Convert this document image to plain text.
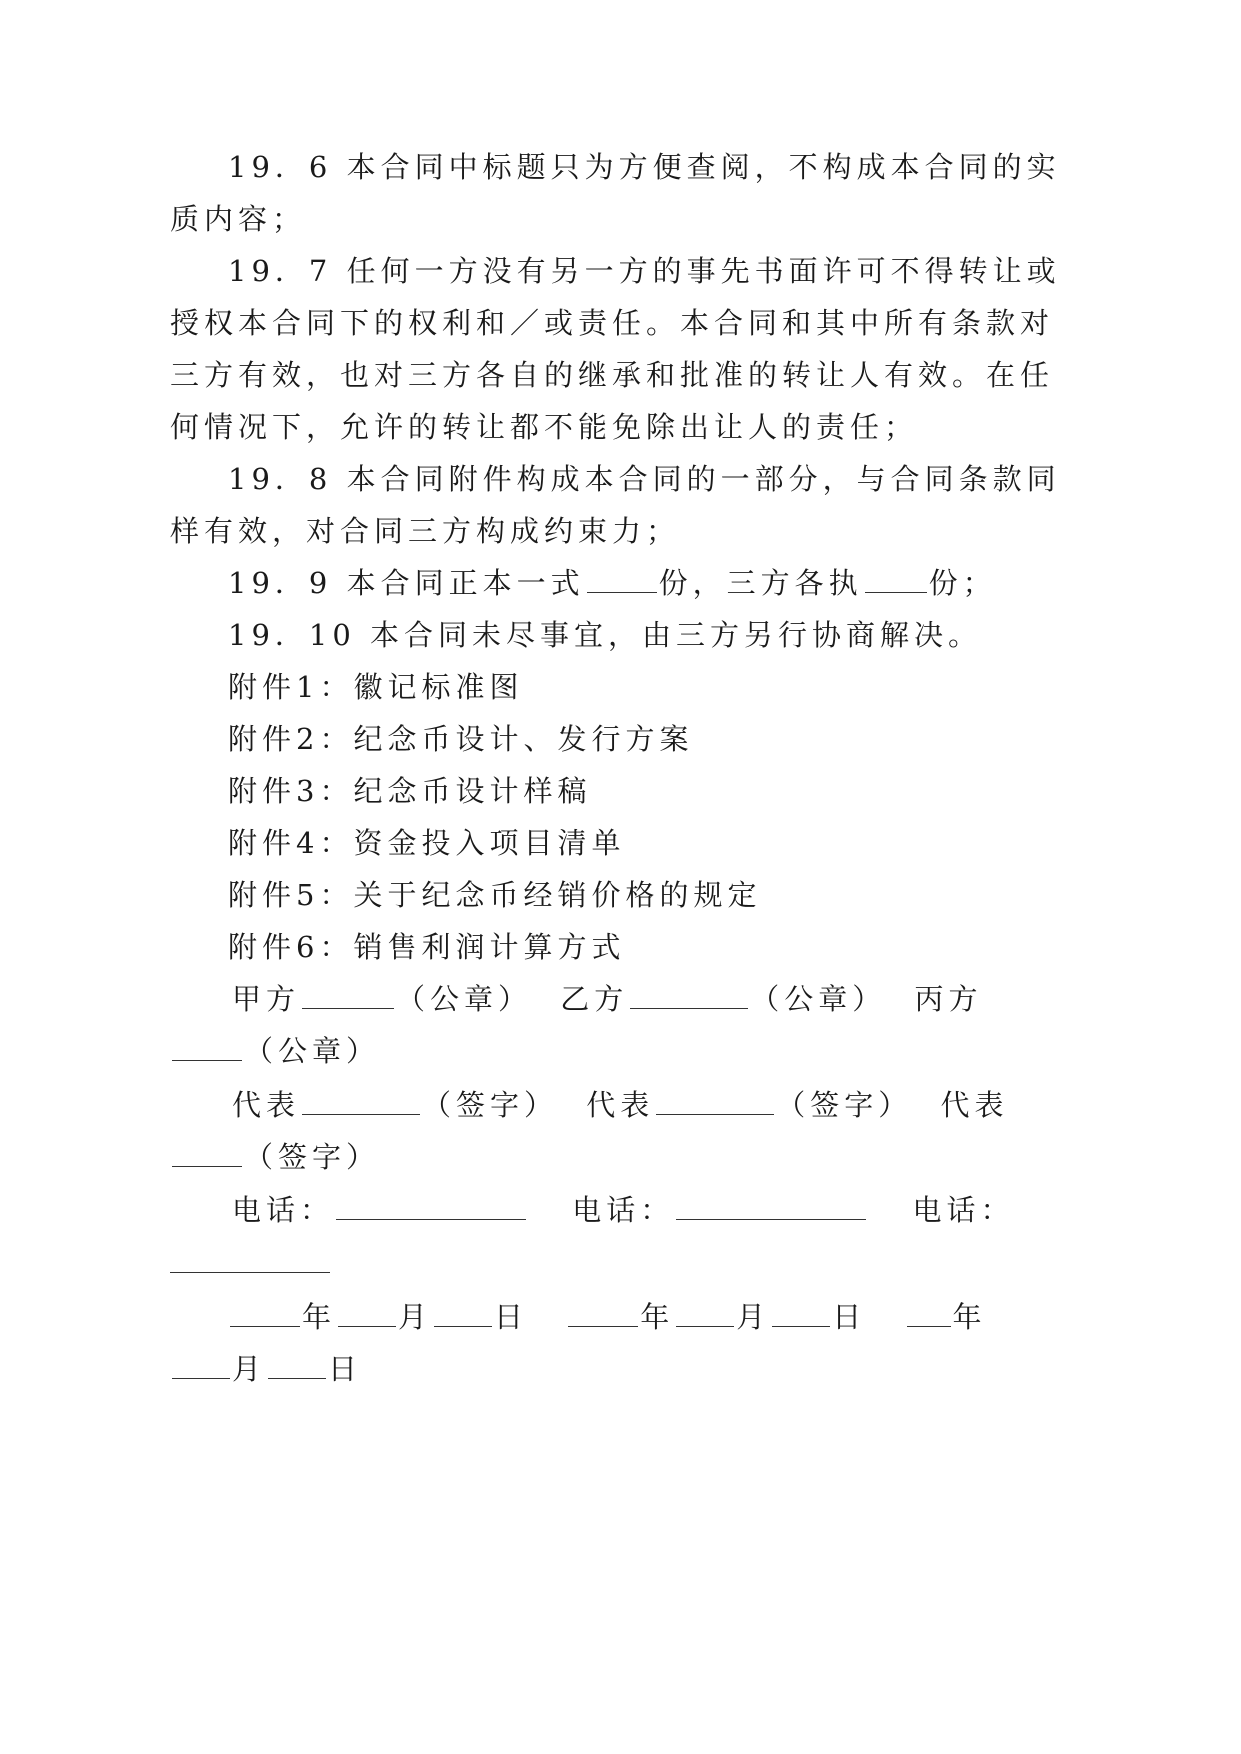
19．6 本合同中标题只为方便查阅，不构成本合同的实
质内容；
19．7 任何一方没有另一方的事先书面许可不得转让或
授权本合同下的权利和／或责任。本合同和其中所有条款对
三方有效，也对三方各自的继承和批准的转让人有效。在任
何情况下，允许的转让都不能免除出让人的责任；
19．8 本合同附件构成本合同的一部分，与合同条款同
样有效，对合同三方构成约束力；
19．9 本合同正本一式	份，三方各执 份；
19．10 本合同未尽事宜，由三方另行协商解决。
附件1：徽记标准图
附件2：纪念币设计、发行方案
附件3：纪念币设计样稿
附件4：资金投入项目清单
附件5：关于纪念币经销价格的规定
附件6：销售利润计算方式
甲方	（公章） 乙方	（公章） 丙方
（公章）
代表	（签字） 代表	（签字） 代表
（签字）
电话：	电话：	电话：
年 月 日	年 月 日	年
月 日
